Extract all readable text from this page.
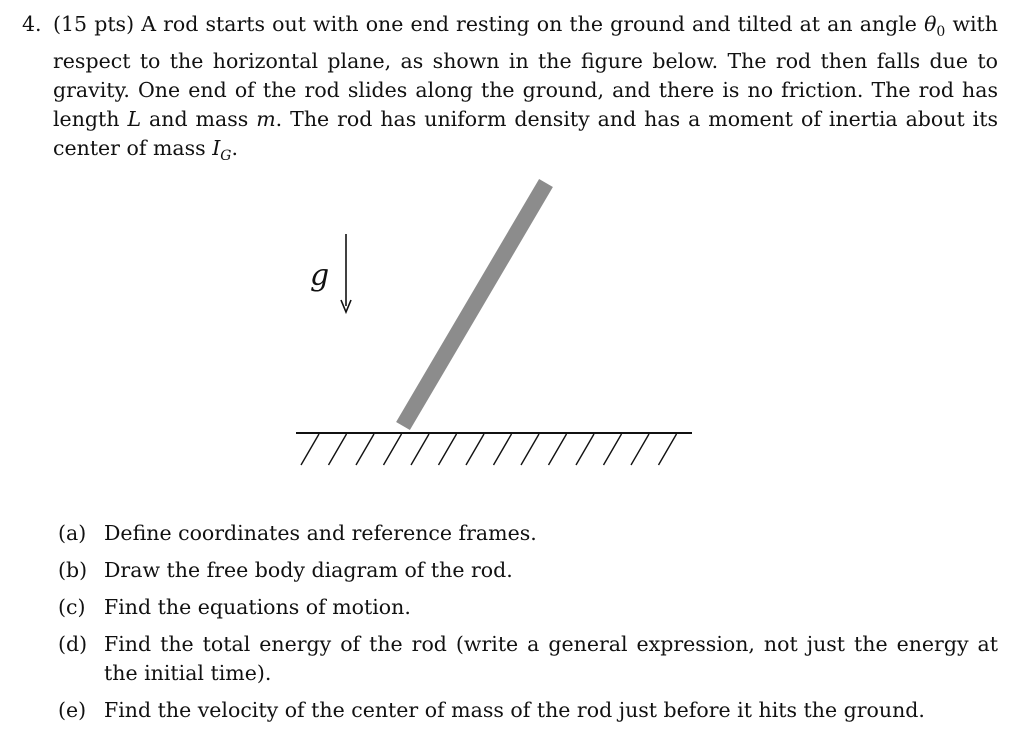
4. (15 pts) A rod starts out with one end resting on the ground and tilted at an angle $\theta_0$ with respect to the horizontal plane, as shown in the figure below. The rod then falls due to gravity. One end of the rod slides along the ground, and there is no friction. The rod has length L and mass m. The rod has uniform density and has a moment of inertia about its center of mass $I_G$.
g
(a) Define coordinates and reference frames.
(b) Draw the free body diagram of the rod.
(c) Find the equations of motion.
(d) Find the total energy of the rod (write a general expression, not just the energy at the initial time).
(e) Find the velocity of the center of mass of the rod just before it hits the ground.
